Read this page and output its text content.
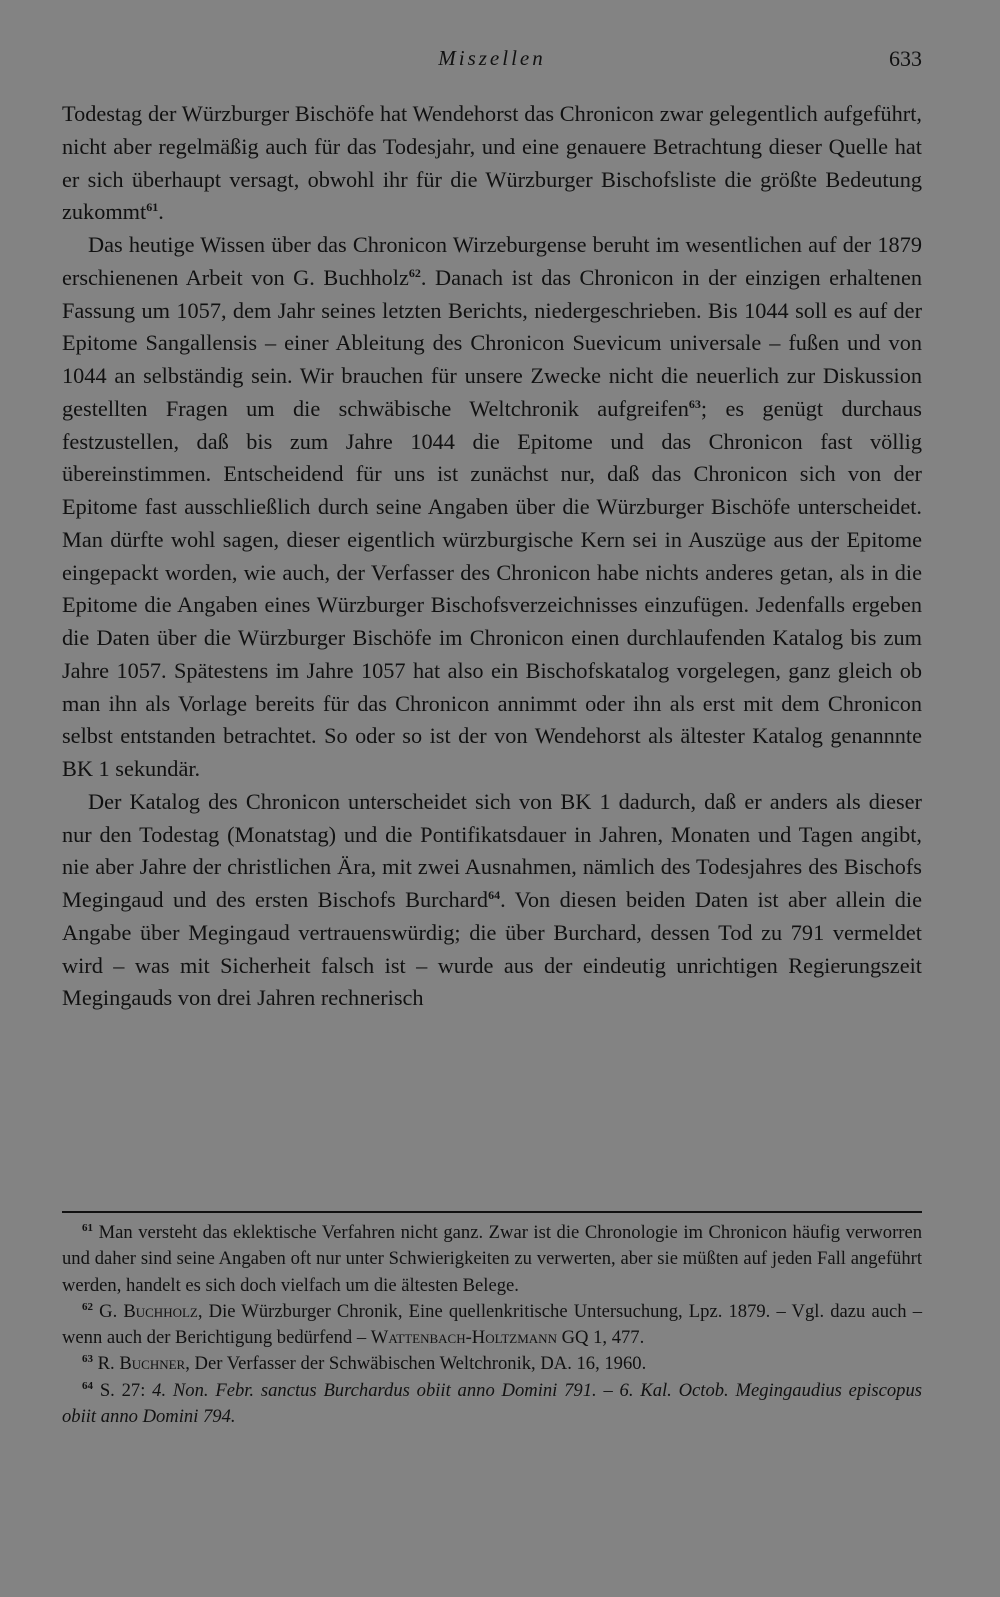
Miszellen	633

Todestag der Würzburger Bischöfe hat Wendehorst das Chronicon zwar gelegentlich aufgeführt, nicht aber regelmäßig auch für das Todesjahr, und eine genauere Betrachtung dieser Quelle hat er sich überhaupt versagt, obwohl ihr für die Würzburger Bischofsliste die größte Bedeutung zukommt$^{61}$.

Das heutige Wissen über das Chronicon Wirzeburgense beruht im wesentlichen auf der 1879 erschienenen Arbeit von G. Buchholz$^{62}$. Danach ist das Chronicon in der einzigen erhaltenen Fassung um 1057, dem Jahr seines letzten Berichts, niedergeschrieben. Bis 1044 soll es auf der Epitome Sangallensis – einer Ableitung des Chronicon Suevicum universale – fußen und von 1044 an selbständig sein. Wir brauchen für unsere Zwecke nicht die neuerlich zur Diskussion gestellten Fragen um die schwäbische Weltchronik aufgreifen$^{63}$; es genügt durchaus festzustellen, daß bis zum Jahre 1044 die Epitome und das Chronicon fast völlig übereinstimmen. Entscheidend für uns ist zunächst nur, daß das Chronicon sich von der Epitome fast ausschließlich durch seine Angaben über die Würzburger Bischöfe unterscheidet. Man dürfte wohl sagen, dieser eigentlich würzburgische Kern sei in Auszüge aus der Epitome eingepackt worden, wie auch, der Verfasser des Chronicon habe nichts anderes getan, als in die Epitome die Angaben eines Würzburger Bischofsverzeichnisses einzufügen. Jedenfalls ergeben die Daten über die Würzburger Bischöfe im Chronicon einen durchlaufenden Katalog bis zum Jahre 1057. Spätestens im Jahre 1057 hat also ein Bischofskatalog vorgelegen, ganz gleich ob man ihn als Vorlage bereits für das Chronicon annimmt oder ihn als erst mit dem Chronicon selbst entstanden betrachtet. So oder so ist der von Wendehorst als ältester Katalog genannnte BK 1 sekundär.

Der Katalog des Chronicon unterscheidet sich von BK 1 dadurch, daß er anders als dieser nur den Todestag (Monatstag) und die Pontifikatsdauer in Jahren, Monaten und Tagen angibt, nie aber Jahre der christlichen Ära, mit zwei Ausnahmen, nämlich des Todesjahres des Bischofs Megingaud und des ersten Bischofs Burchard$^{64}$. Von diesen beiden Daten ist aber allein die Angabe über Megingaud vertrauenswürdig; die über Burchard, dessen Tod zu 791 vermeldet wird – was mit Sicherheit falsch ist – wurde aus der eindeutig unrichtigen Regierungszeit Megingauds von drei Jahren rechnerisch

$^{61}$ Man versteht das eklektische Verfahren nicht ganz. Zwar ist die Chronologie im Chronicon häufig verworren und daher sind seine Angaben oft nur unter Schwierigkeiten zu verwerten, aber sie müßten auf jeden Fall angeführt werden, handelt es sich doch vielfach um die ältesten Belege.

$^{62}$ G. Buchholz, Die Würzburger Chronik, Eine quellenkritische Untersuchung, Lpz. 1879. – Vgl. dazu auch – wenn auch der Berichtigung bedürfend – Wattenbach-Holtzmann GQ 1, 477.

$^{63}$ R. Buchner, Der Verfasser der Schwäbischen Weltchronik, DA. 16, 1960.

$^{64}$ S. 27: 4. Non. Febr. sanctus Burchardus obiit anno Domini 791. – 6. Kal. Octob. Megingaudius episcopus obiit anno Domini 794.
